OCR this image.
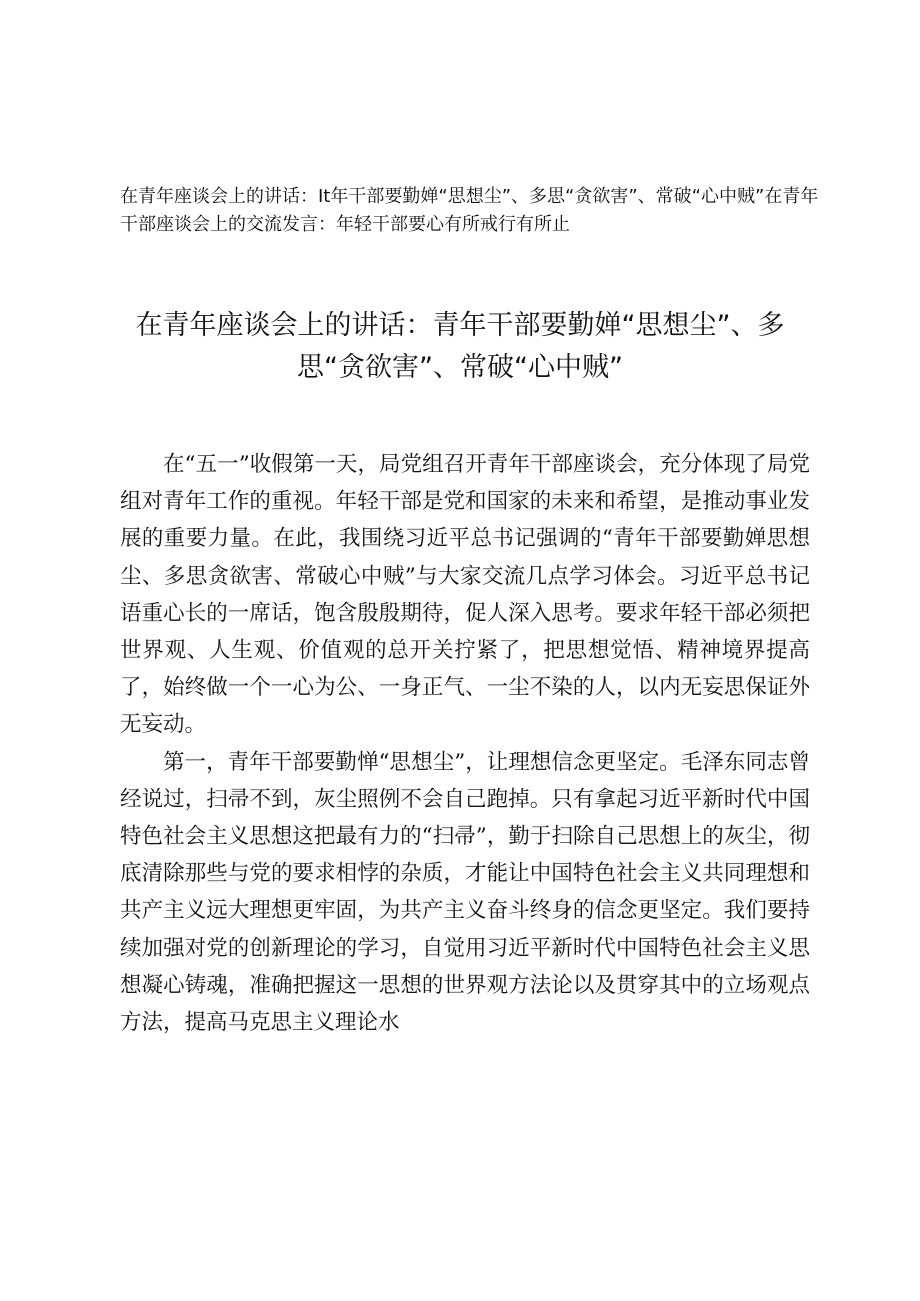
在青年座谈会上的讲话：It年干部要勤婵“思想尘”、多思“贪欲害”、常破“心中贼”在青年干部座谈会上的交流发言：年轻干部要心有所戒行有所止
在青年座谈会上的讲话：青年干部要勤婵“思想尘”、多思“贪欲害”、常破“心中贼”

在“五一”收假第一天，局党组召开青年干部座谈会，充分体现了局党组对青年工作的重视。年轻干部是党和国家的未来和希望，是推动事业发展的重要力量。在此，我围绕习近平总书记强调的“青年干部要勤婵思想尘、多思贪欲害、常破心中贼”与大家交流几点学习体会。习近平总书记语重心长的一席话，饱含殷殷期待，促人深入思考。要求年轻干部必须把世界观、人生观、价值观的总开关拧紧了，把思想觉悟、精神境界提高了，始终做一个一心为公、一身正气、一尘不染的人，以内无妄思保证外无妄动。

第一，青年干部要勤惮“思想尘”，让理想信念更坚定。毛泽东同志曾经说过，扫帚不到，灰尘照例不会自己跑掉。只有拿起习近平新时代中国特色社会主义思想这把最有力的“扫帚”，勤于扫除自己思想上的灰尘，彻底清除那些与党的要求相悖的杂质，才能让中国特色社会主义共同理想和共产主义远大理想更牢固，为共产主义奋斗终身的信念更坚定。我们要持续加强对党的创新理论的学习，自觉用习近平新时代中国特色社会主义思想凝心铸魂，准确把握这一思想的世界观方法论以及贯穿其中的立场观点方法，提高马克思主义理论水
